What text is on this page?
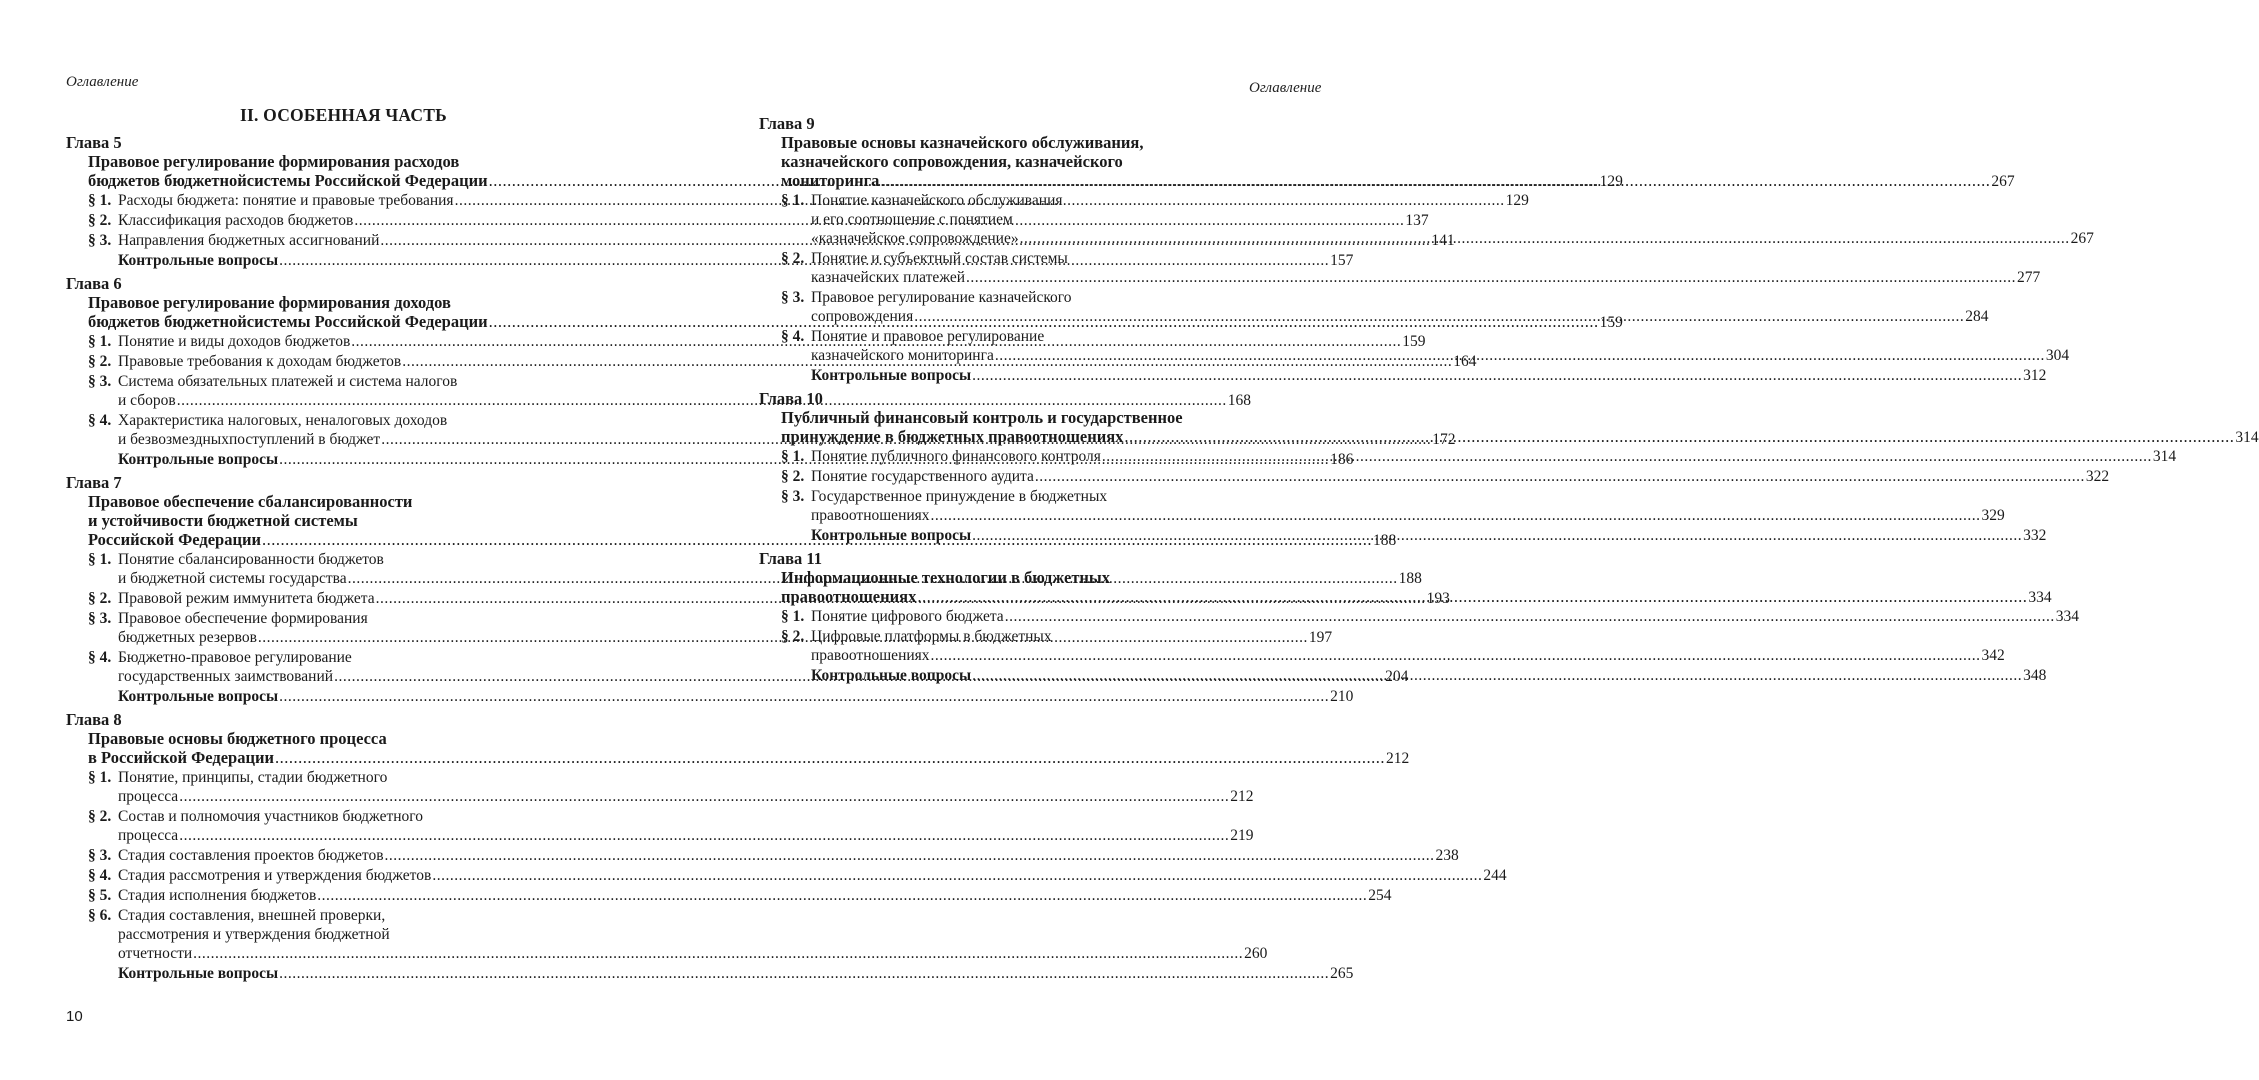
Оглавление	Оглавление
II. ОСОБЕННАЯ ЧАСТЬ
Глава 5
Правовое регулирование формирования расходов
бюджетов бюджетнойсистемы Российской Федерации .....	129
§ 1. Расходы бюджета: понятие и правовые требования .....	129
§ 2. Классификация расходов бюджетов .....	137
§ 3. Направления бюджетных ассигнований .....	141
Контрольные вопросы .....	157
Глава 6
Правовое регулирование формирования доходов
бюджетов бюджетнойсистемы Российской Федерации .....	159
§ 1. Понятие и виды доходов бюджетов .....	159
§ 2. Правовые требования к доходам бюджетов .....	164
§ 3. Система обязательных платежей и система налогов
и сборов .....	168
§ 4. Характеристика налоговых, неналоговых доходов
и безвозмездныхпоступлений в бюджет .....	172
Контрольные вопросы .....	186
Глава 7
Правовое обеспечение сбалансированности
и устойчивости бюджетной системы
Российской Федерации .....	188
§ 1. Понятие сбалансированности бюджетов
и бюджетной системы государства .....	188
§ 2. Правовой режим иммунитета бюджета .....	193
§ 3. Правовое обеспечение формирования
бюджетных резервов .....	197
§ 4. Бюджетно-правовое регулирование
государственных заимствований .....	204
Контрольные вопросы .....	210
Глава 8
Правовые основы бюджетного процесса
в Российской Федерации .....	212
§ 1. Понятие, принципы, стадии бюджетного
процесса .....	212
§ 2. Состав и полномочия участников бюджетного
процесса .....	219
§ 3. Стадия составления проектов бюджетов .....	238
§ 4. Стадия рассмотрения и утверждения бюджетов .....	244
§ 5. Стадия исполнения бюджетов .....	254
§ 6. Стадия составления, внешней проверки,
рассмотрения и утверждения бюджетной
отчетности .....	260
Контрольные вопросы .....	265
Глава 9
Правовые основы казначейского обслуживания,
казначейского сопровождения, казначейского
мониторинга .....	267
§ 1. Понятие казначейского обслуживания
и его соотношение с понятием
«казначейское сопровождение» .....	267
§ 2. Понятие и субъектный состав системы
казначейских платежей .....	277
§ 3. Правовое регулирование казначейского
сопровождения .....	284
§ 4. Понятие и правовое регулирование
казначейского мониторинга .....	304
Контрольные вопросы .....	312
Глава 10
Публичный финансовый контроль и государственное
принуждение в бюджетных правоотношениях .....	314
§ 1. Понятие публичного финансового контроля .....	314
§ 2. Понятие государственного аудита .....	322
§ 3. Государственное принуждение в бюджетных
правоотношениях .....	329
Контрольные вопросы .....	332
Глава 11
Информационные технологии в бюджетных
правоотношениях .....	334
§ 1. Понятие цифрового бюджета .....	334
§ 2. Цифровые платформы в бюджетных
правоотношениях .....	342
Контрольные вопросы .....	348
10
